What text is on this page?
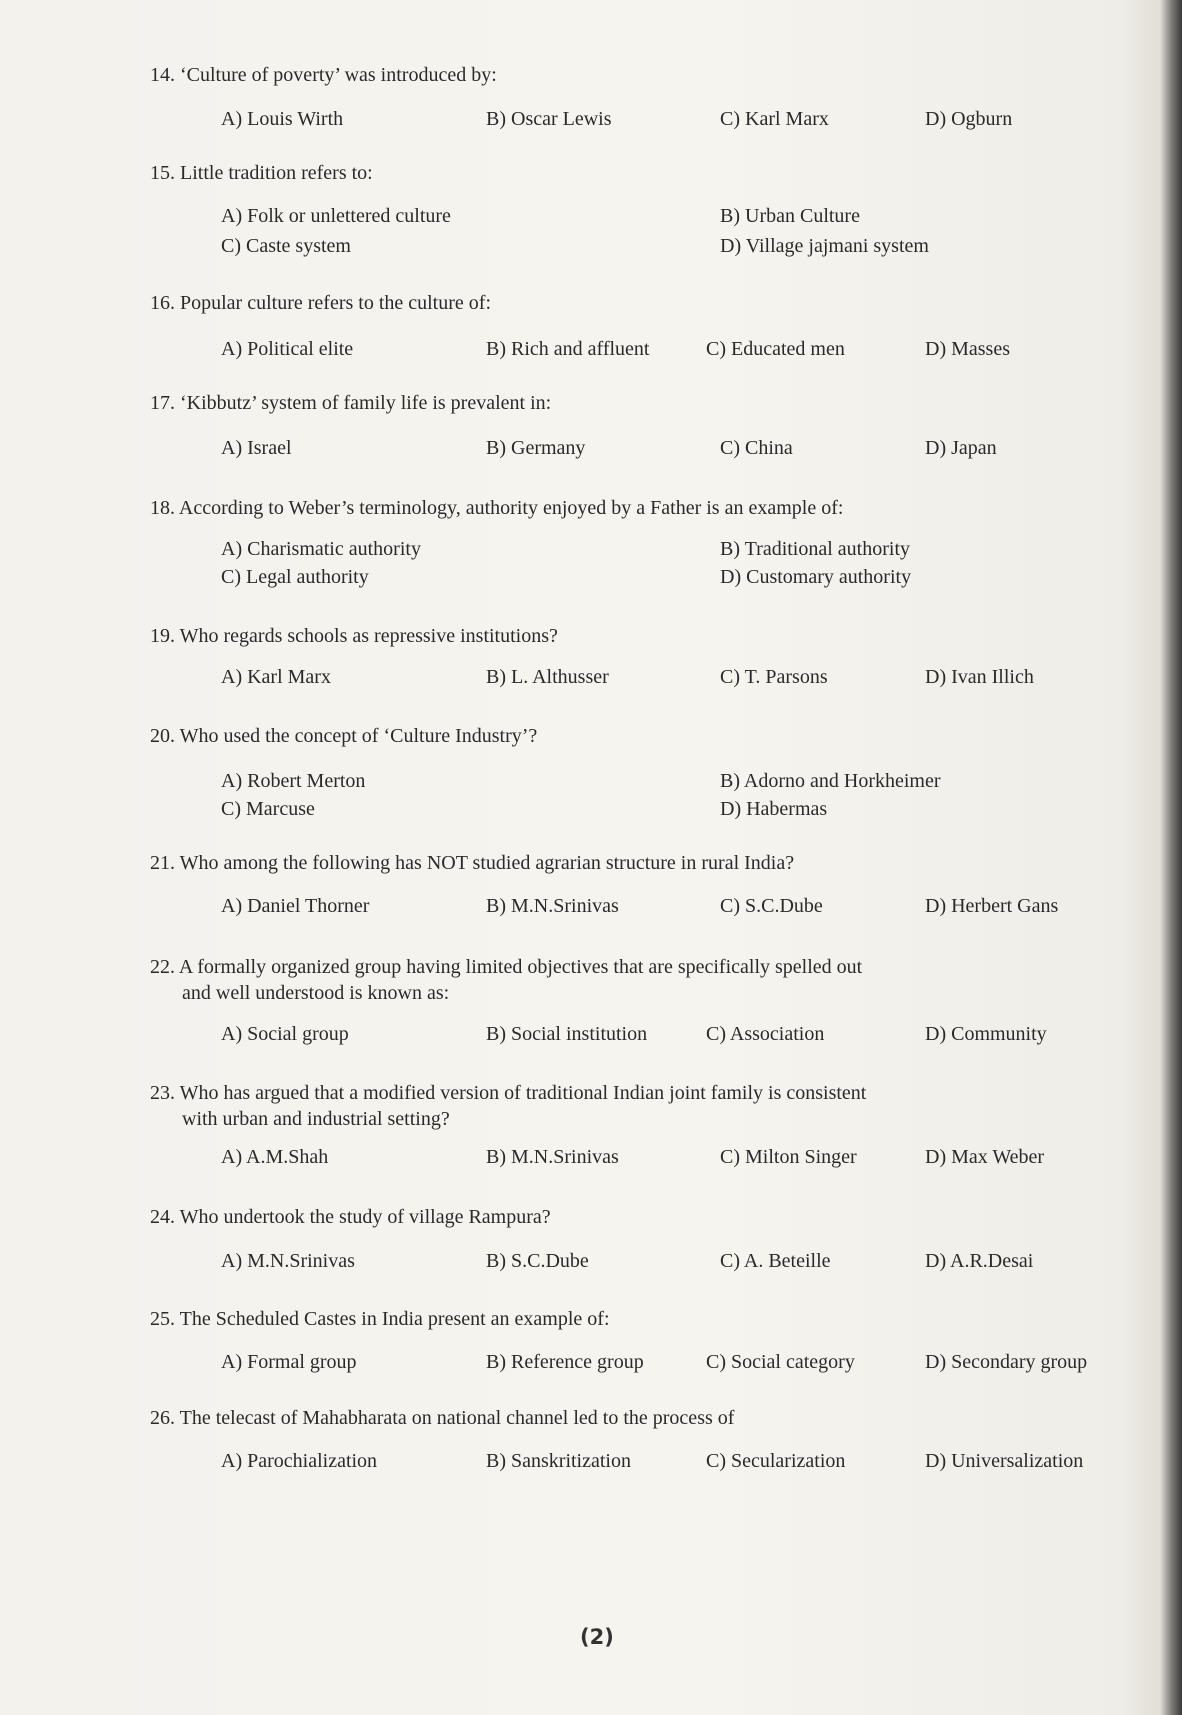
14. ‘Culture of poverty’ was introduced by:
A) Louis Wirth	B) Oscar Lewis	C) Karl Marx	D) Ogburn
15. Little tradition refers to:
A) Folk or unlettered culture	B) Urban Culture
C) Caste system	D) Village jajmani system
16. Popular culture refers to the culture of:
A) Political elite	B) Rich and affluent	C) Educated men	D) Masses
17. ‘Kibbutz’ system of family life is prevalent in:
A) Israel	B) Germany	C) China	D) Japan
18. According to Weber’s terminology, authority enjoyed by a Father is an example of:
A) Charismatic authority	B) Traditional authority
C) Legal authority	D) Customary authority
19. Who regards schools as repressive institutions?
A) Karl Marx	B) L. Althusser	C) T. Parsons	D) Ivan Illich
20. Who used the concept of ‘Culture Industry’?
A) Robert Merton	B) Adorno and Horkheimer
C) Marcuse	D) Habermas
21. Who among the following has NOT studied agrarian structure in rural India?
A) Daniel Thorner	B) M.N.Srinivas	C) S.C.Dube	D) Herbert Gans
22. A formally organized group having limited objectives that are specifically spelled out
and well understood is known as:
A) Social group	B) Social institution	C) Association	D) Community
23. Who has argued that a modified version of traditional Indian joint family is consistent
with urban and industrial setting?
A) A.M.Shah	B) M.N.Srinivas	C) Milton Singer	D) Max Weber
24. Who undertook the study of village Rampura?
A) M.N.Srinivas	B) S.C.Dube	C) A. Beteille	D) A.R.Desai
25. The Scheduled Castes in India present an example of:
A) Formal group	B) Reference group	C) Social category	D) Secondary group
26. The telecast of Mahabharata on national channel led to the process of
A) Parochialization	B) Sanskritization	C) Secularization	D) Universalization
(2)
